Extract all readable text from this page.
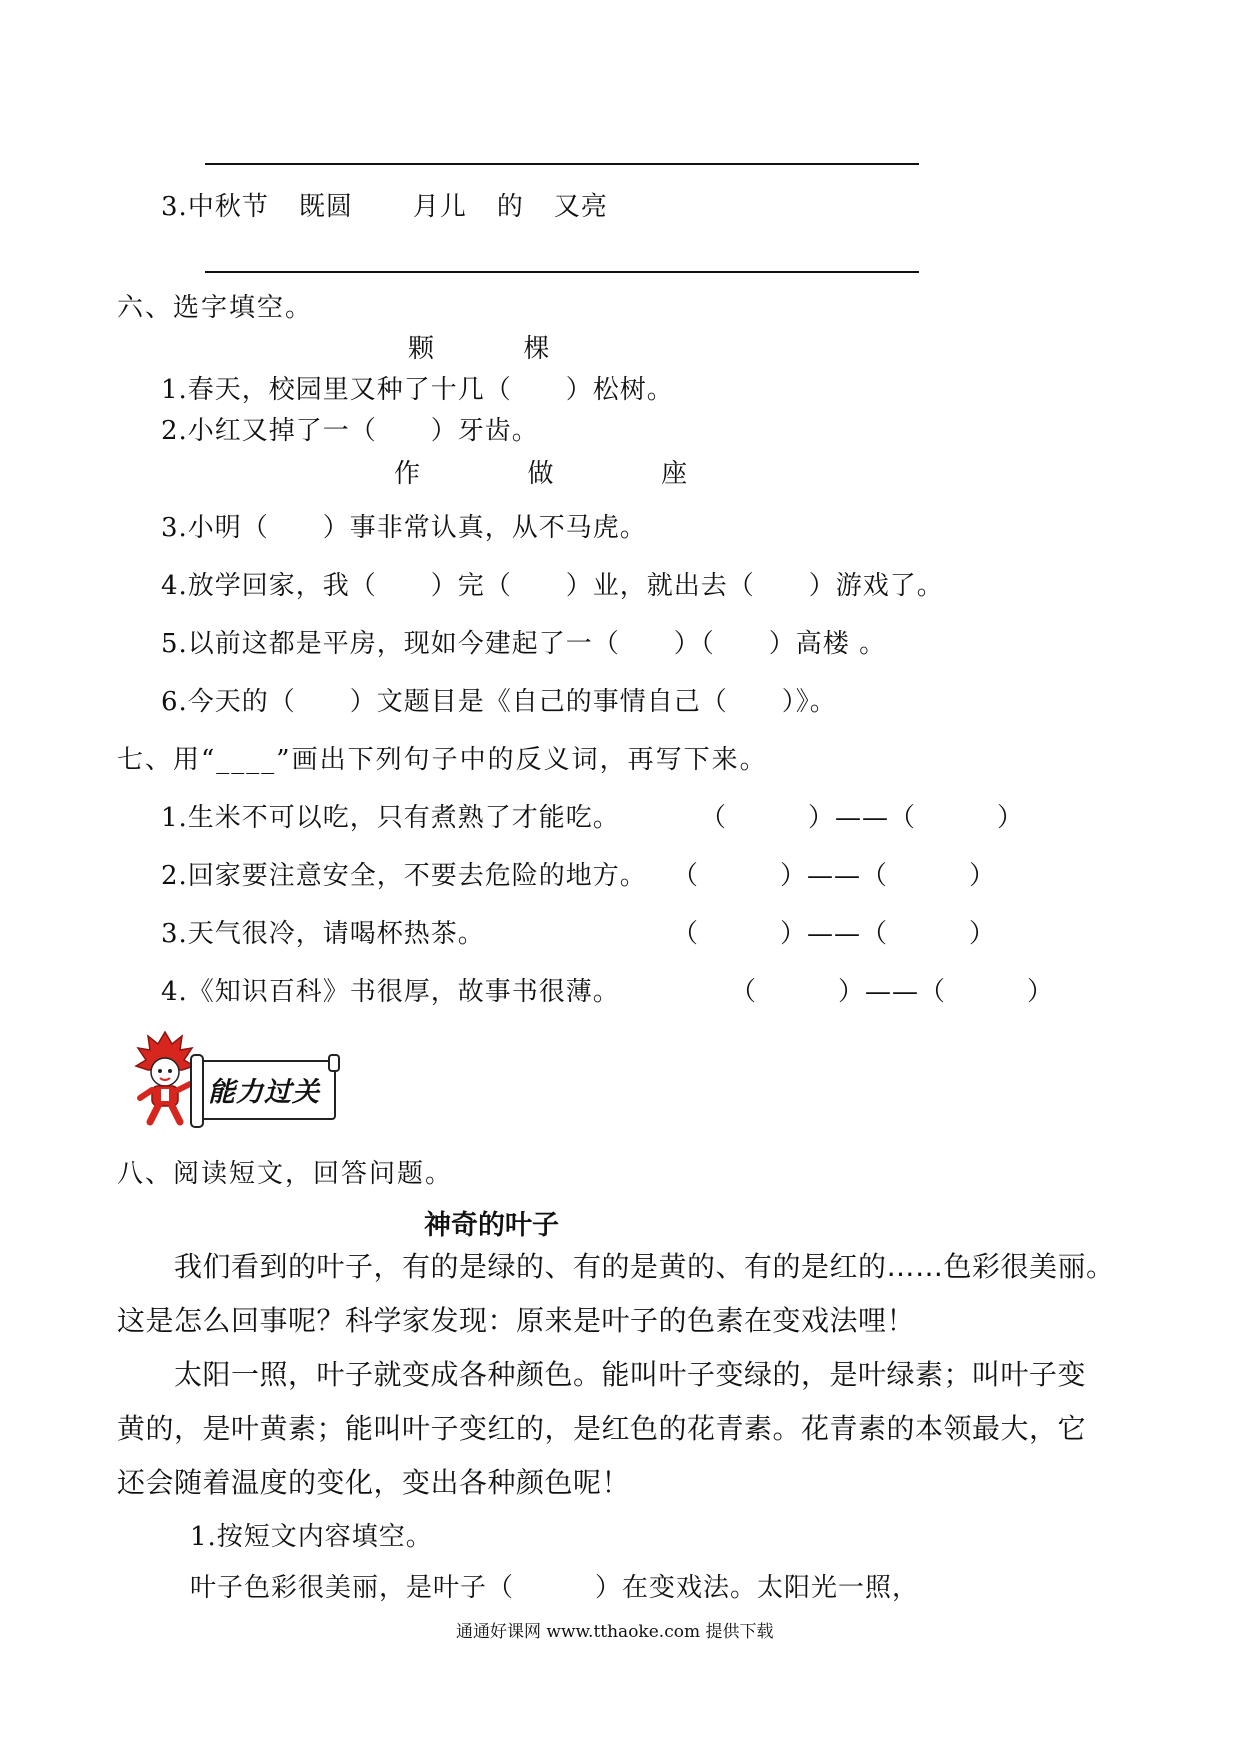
3.中秋节 既圆 月儿 的 又亮
六、选字填空。
颗	棵
1.春天，校园里又种了十几（　　）松树。
2.小红又掉了一（　　）牙齿。
作	做	座
3.小明（　　）事非常认真，从不马虎。
4.放学回家，我（　　）完（　　）业，就出去（　　）游戏了。
5.以前这都是平房，现如今建起了一（　　）（　　）高楼 。
6.今天的（　　）文题目是《自己的事情自己（　　）》。
七、用“____”画出下列句子中的反义词，再写下来。
1.生米不可以吃，只有煮熟了才能吃。	（　　　）——（　　　）
2.回家要注意安全，不要去危险的地方。 （　　　）——（　　　）
3.天气很冷，请喝杯热茶。	（　　　）——（　　　）
4.《知识百科》书很厚，故事书很薄。	（　　　）——（　　　）
能力过关
八、阅读短文，回答问题。
神奇的叶子
我们看到的叶子，有的是绿的、有的是黄的、有的是红的……色彩很美丽。
这是怎么回事呢？科学家发现：原来是叶子的色素在变戏法哩！
太阳一照，叶子就变成各种颜色。能叫叶子变绿的，是叶绿素；叫叶子变
黄的，是叶黄素；能叫叶子变红的，是红色的花青素。花青素的本领最大，它
还会随着温度的变化，变出各种颜色呢！
1.按短文内容填空。
叶子色彩很美丽，是叶子（　　　）在变戏法。太阳光一照，
通通好课网 www.tthaoke.com 提供下载
